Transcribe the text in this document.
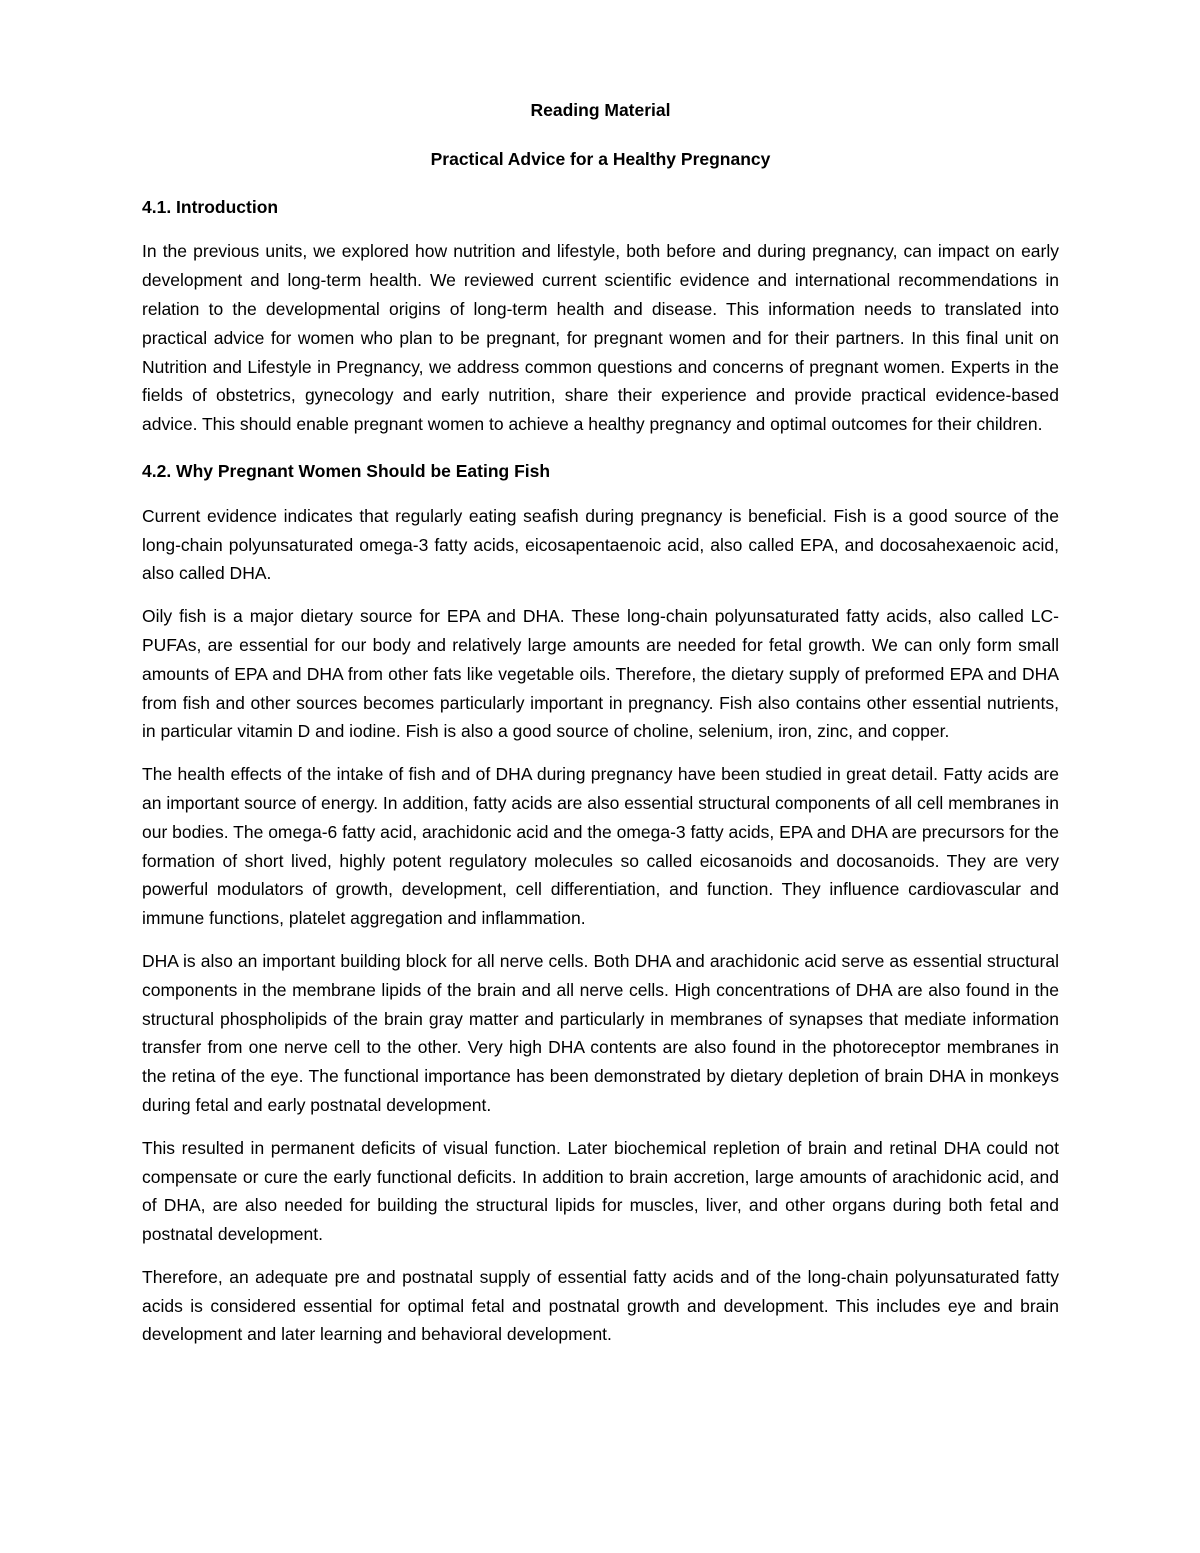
Reading Material

Practical Advice for a Healthy Pregnancy

4.1. Introduction

In the previous units, we explored how nutrition and lifestyle, both before and during pregnancy, can impact on early development and long-term health. We reviewed current scientific evidence and international recommendations in relation to the developmental origins of long-term health and disease. This information needs to translated into practical advice for women who plan to be pregnant, for pregnant women and for their partners. In this final unit on Nutrition and Lifestyle in Pregnancy, we address common questions and concerns of pregnant women. Experts in the fields of obstetrics, gynecology and early nutrition, share their experience and provide practical evidence-based advice. This should enable pregnant women to achieve a healthy pregnancy and optimal outcomes for their children.

4.2. Why Pregnant Women Should be Eating Fish

Current evidence indicates that regularly eating seafish during pregnancy is beneficial. Fish is a good source of the long-chain polyunsaturated omega-3 fatty acids, eicosapentaenoic acid, also called EPA, and docosahexaenoic acid, also called DHA.

Oily fish is a major dietary source for EPA and DHA. These long-chain polyunsaturated fatty acids, also called LC-PUFAs, are essential for our body and relatively large amounts are needed for fetal growth. We can only form small amounts of EPA and DHA from other fats like vegetable oils. Therefore, the dietary supply of preformed EPA and DHA from fish and other sources becomes particularly important in pregnancy. Fish also contains other essential nutrients, in particular vitamin D and iodine. Fish is also a good source of choline, selenium, iron, zinc, and copper.

The health effects of the intake of fish and of DHA during pregnancy have been studied in great detail. Fatty acids are an important source of energy. In addition, fatty acids are also essential structural components of all cell membranes in our bodies. The omega-6 fatty acid, arachidonic acid and the omega-3 fatty acids, EPA and DHA are precursors for the formation of short lived, highly potent regulatory molecules so called eicosanoids and docosanoids. They are very powerful modulators of growth, development, cell differentiation, and function. They influence cardiovascular and immune functions, platelet aggregation and inflammation.

DHA is also an important building block for all nerve cells. Both DHA and arachidonic acid serve as essential structural components in the membrane lipids of the brain and all nerve cells. High concentrations of DHA are also found in the structural phospholipids of the brain gray matter and particularly in membranes of synapses that mediate information transfer from one nerve cell to the other. Very high DHA contents are also found in the photoreceptor membranes in the retina of the eye. The functional importance has been demonstrated by dietary depletion of brain DHA in monkeys during fetal and early postnatal development.

This resulted in permanent deficits of visual function. Later biochemical repletion of brain and retinal DHA could not compensate or cure the early functional deficits. In addition to brain accretion, large amounts of arachidonic acid, and of DHA, are also needed for building the structural lipids for muscles, liver, and other organs during both fetal and postnatal development.

Therefore, an adequate pre and postnatal supply of essential fatty acids and of the long-chain polyunsaturated fatty acids is considered essential for optimal fetal and postnatal growth and development. This includes eye and brain development and later learning and behavioral development.
